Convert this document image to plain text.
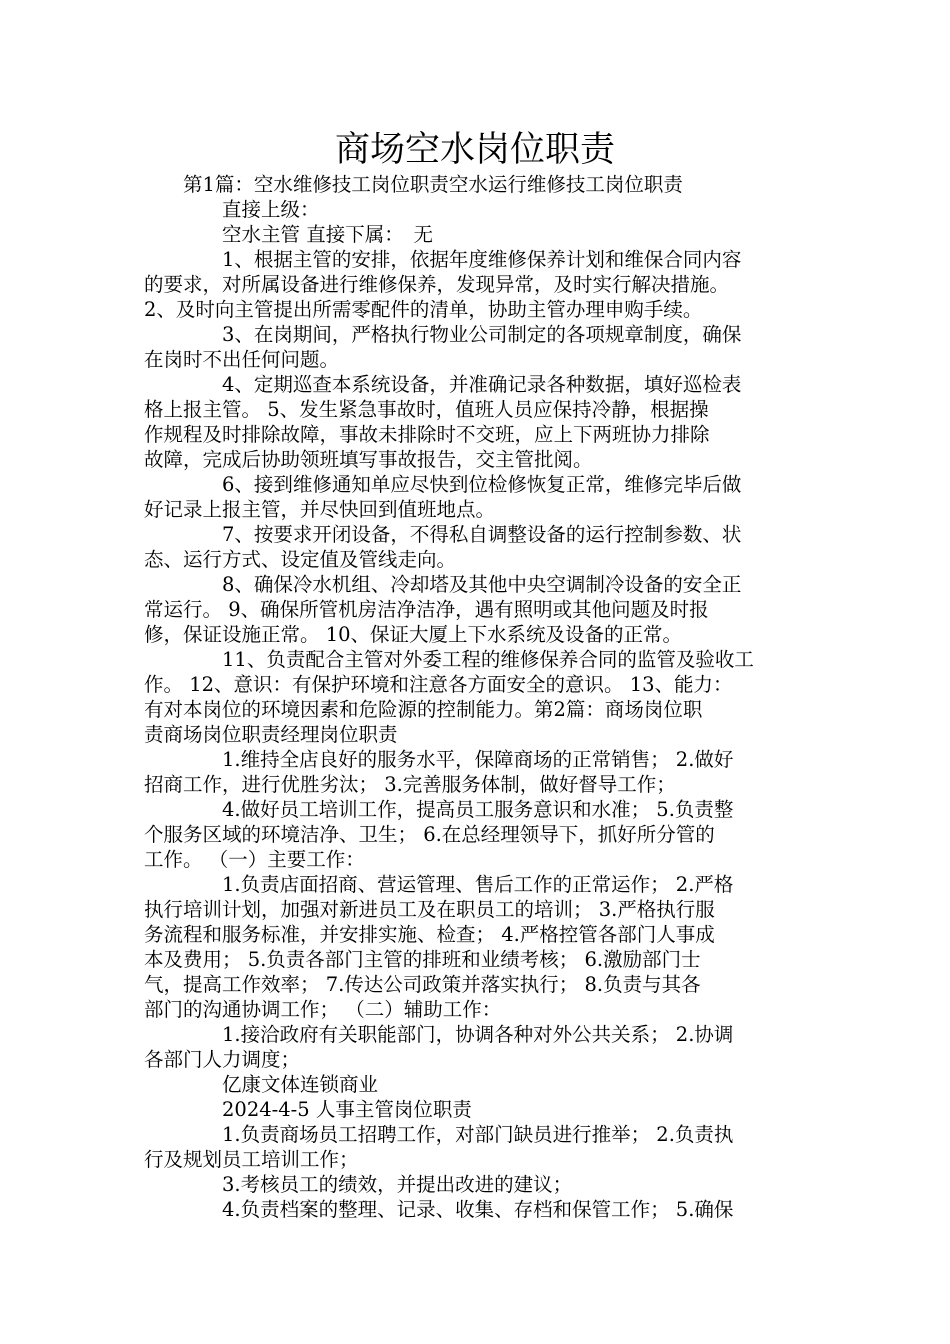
商场空水岗位职责

　　第1篇：空水维修技工岗位职责空水运行维修技工岗位职责

　　　　直接上级：

　　　　空水主管 直接下属：　无

　　　　1、根据主管的安排，依据年度维修保养计划和维保合同内容

的要求，对所属设备进行维修保养，发现异常，及时实行解决措施。

2、及时向主管提出所需零配件的清单，协助主管办理申购手续。

　　　　3、在岗期间，严格执行物业公司制定的各项规章制度，确保

在岗时不出任何问题。

　　　　4、定期巡查本系统设备，并准确记录各种数据，填好巡检表

格上报主管。 5、发生紧急事故时，值班人员应保持冷静，根据操

作规程及时排除故障，事故未排除时不交班，应上下两班协力排除

故障，完成后协助领班填写事故报告，交主管批阅。

　　　　6、接到维修通知单应尽快到位检修恢复正常，维修完毕后做

好记录上报主管，并尽快回到值班地点。

　　　　7、按要求开闭设备，不得私自调整设备的运行控制参数、状

态、运行方式、设定值及管线走向。

　　　　8、确保冷水机组、冷却塔及其他中央空调制冷设备的安全正

常运行。 9、确保所管机房洁净洁净，遇有照明或其他问题及时报

修，保证设施正常。 10、保证大厦上下水系统及设备的正常。

　　　　11、负责配合主管对外委工程的维修保养合同的监管及验收工

作。 12、意识：有保护环境和注意各方面安全的意识。 13、能力：

有对本岗位的环境因素和危险源的控制能力。第2篇：商场岗位职

责商场岗位职责经理岗位职责

　　　　1.维持全店良好的服务水平，保障商场的正常销售； 2.做好

招商工作，进行优胜劣汰； 3.完善服务体制，做好督导工作；

　　　　4.做好员工培训工作，提高员工服务意识和水准； 5.负责整

个服务区域的环境洁净、卫生； 6.在总经理领导下，抓好所分管的

工作。 （一）主要工作：

　　　　1.负责店面招商、营运管理、售后工作的正常运作； 2.严格

执行培训计划，加强对新进员工及在职员工的培训； 3.严格执行服

务流程和服务标准，并安排实施、检查； 4.严格控管各部门人事成

本及费用； 5.负责各部门主管的排班和业绩考核； 6.激励部门士

气，提高工作效率； 7.传达公司政策并落实执行； 8.负责与其各

部门的沟通协调工作； （二）辅助工作：

　　　　1.接洽政府有关职能部门，协调各种对外公共关系； 2.协调

各部门人力调度；

　　　　亿康文体连锁商业

　　　　2024-4-5 人事主管岗位职责

　　　　1.负责商场员工招聘工作，对部门缺员进行推举； 2.负责执

行及规划员工培训工作；

　　　　3.考核员工的绩效，并提出改进的建议；

　　　　4.负责档案的整理、记录、收集、存档和保管工作； 5.确保
